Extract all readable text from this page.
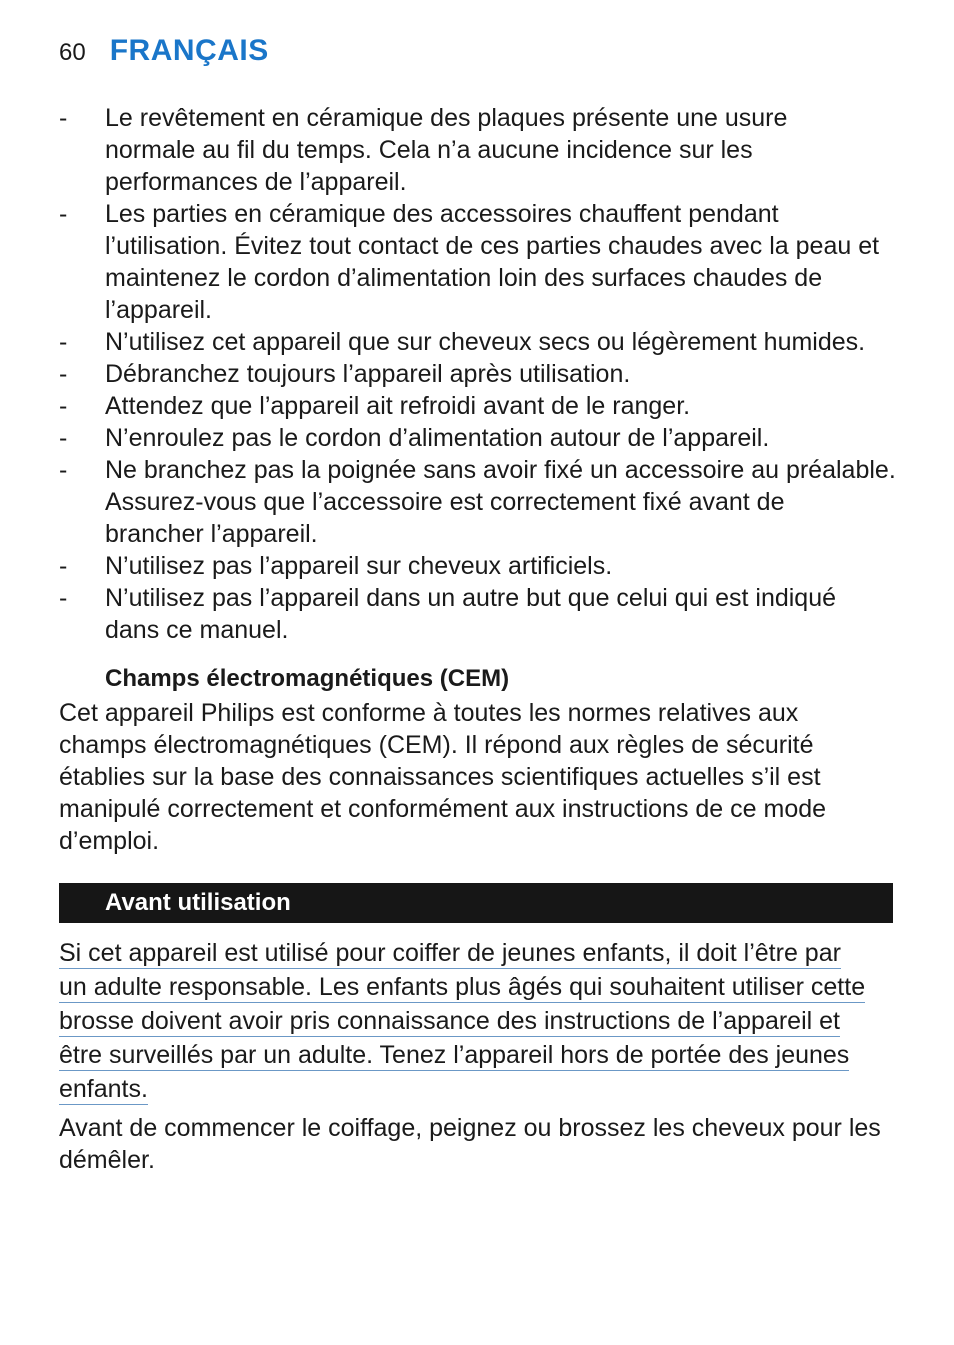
60 FRANÇAIS
- Le revêtement en céramique des plaques présente une usure
normale au fil du temps. Cela n’a aucune incidence sur les
performances de l’appareil.
- Les parties en céramique des accessoires chauffent pendant
l’utilisation. Évitez tout contact de ces parties chaudes avec la peau et
maintenez le cordon d’alimentation loin des surfaces chaudes de
l’appareil.
- N’utilisez cet appareil que sur cheveux secs ou légèrement humides.
- Débranchez toujours l’appareil après utilisation.
- Attendez que l’appareil ait refroidi avant de le ranger.
- N’enroulez pas le cordon d’alimentation autour de l’appareil.
- Ne branchez pas la poignée sans avoir fixé un accessoire au préalable.
Assurez-vous que l’accessoire est correctement fixé avant de
brancher l’appareil.
- N’utilisez pas l’appareil sur cheveux artificiels.
- N’utilisez pas l’appareil dans un autre but que celui qui est indiqué
dans ce manuel.
Champs électromagnétiques (CEM)

Cet appareil Philips est conforme à toutes les normes relatives aux
champs électromagnétiques (CEM). Il répond aux règles de sécurité
établies sur la base des connaissances scientifiques actuelles s’il est
manipulé correctement et conformément aux instructions de ce mode
d’emploi.

Avant utilisation

Si cet appareil est utilisé pour coiffer de jeunes enfants, il doit l’être par
un adulte responsable. Les enfants plus âgés qui souhaitent utiliser cette
brosse doivent avoir pris connaissance des instructions de l’appareil et
être surveillés par un adulte. Tenez l’appareil hors de portée des jeunes
enfants.

Avant de commencer le coiffage, peignez ou brossez les cheveux pour les
démêler.
